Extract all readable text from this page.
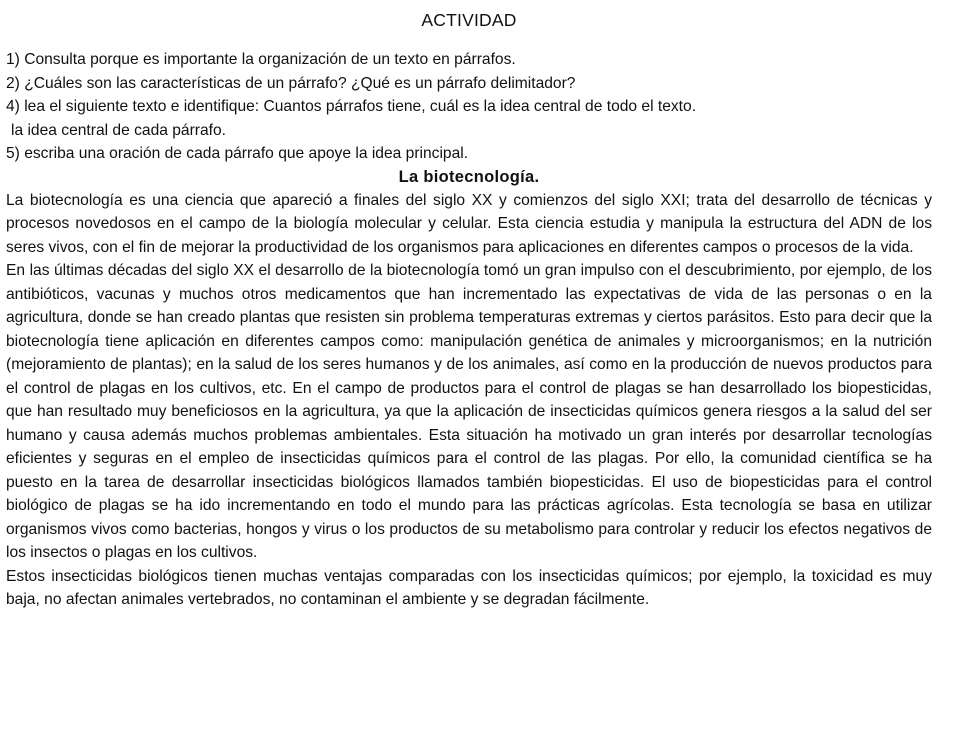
ACTIVIDAD
1) Consulta porque es importante la organización de un texto en párrafos.
2) ¿Cuáles son las características de un párrafo? ¿Qué es un párrafo delimitador?
4) lea el siguiente texto e identifique: Cuantos párrafos tiene, cuál es la idea central de todo el texto.
la idea central de cada párrafo.
5) escriba una oración de cada párrafo que apoye la idea principal.
La biotecnología.

La biotecnología es una ciencia que apareció a finales del siglo XX y comienzos del siglo XXI; trata del desarrollo de técnicas y procesos novedosos en el campo de la biología molecular y celular. Esta ciencia estudia y manipula la estructura del ADN de los seres vivos, con el fin de mejorar la productividad de los organismos para aplicaciones en diferentes campos o procesos de la vida.

En las últimas décadas del siglo XX el desarrollo de la biotecnología tomó un gran impulso con el descubrimiento, por ejemplo, de los antibióticos, vacunas y muchos otros medicamentos que han incrementado las expectativas de vida de las personas o en la agricultura, donde se han creado plantas que resisten sin problema temperaturas extremas y ciertos parásitos. Esto para decir que la biotecnología tiene aplicación en diferentes campos como: manipulación genética de animales y microorganismos; en la nutrición (mejoramiento de plantas); en la salud de los seres humanos y de los animales, así como en la producción de nuevos productos para el control de plagas en los cultivos, etc. En el campo de productos para el control de plagas se han desarrollado los biopesticidas, que han resultado muy beneficiosos en la agricultura, ya que la aplicación de insecticidas químicos genera riesgos a la salud del ser humano y causa además muchos problemas ambientales. Esta situación ha motivado un gran interés por desarrollar tecnologías eficientes y seguras en el empleo de insecticidas químicos para el control de las plagas. Por ello, la comunidad científica se ha puesto en la tarea de desarrollar insecticidas biológicos llamados también biopesticidas. El uso de biopesticidas para el control biológico de plagas se ha ido incrementando en todo el mundo para las prácticas agrícolas. Esta tecnología se basa en utilizar organismos vivos como bacterias, hongos y virus o los productos de su metabolismo para controlar y reducir los efectos negativos de los insectos o plagas en los cultivos.

Estos insecticidas biológicos tienen muchas ventajas comparadas con los insecticidas químicos; por ejemplo, la toxicidad es muy baja, no afectan animales vertebrados, no contaminan el ambiente y se degradan fácilmente.
